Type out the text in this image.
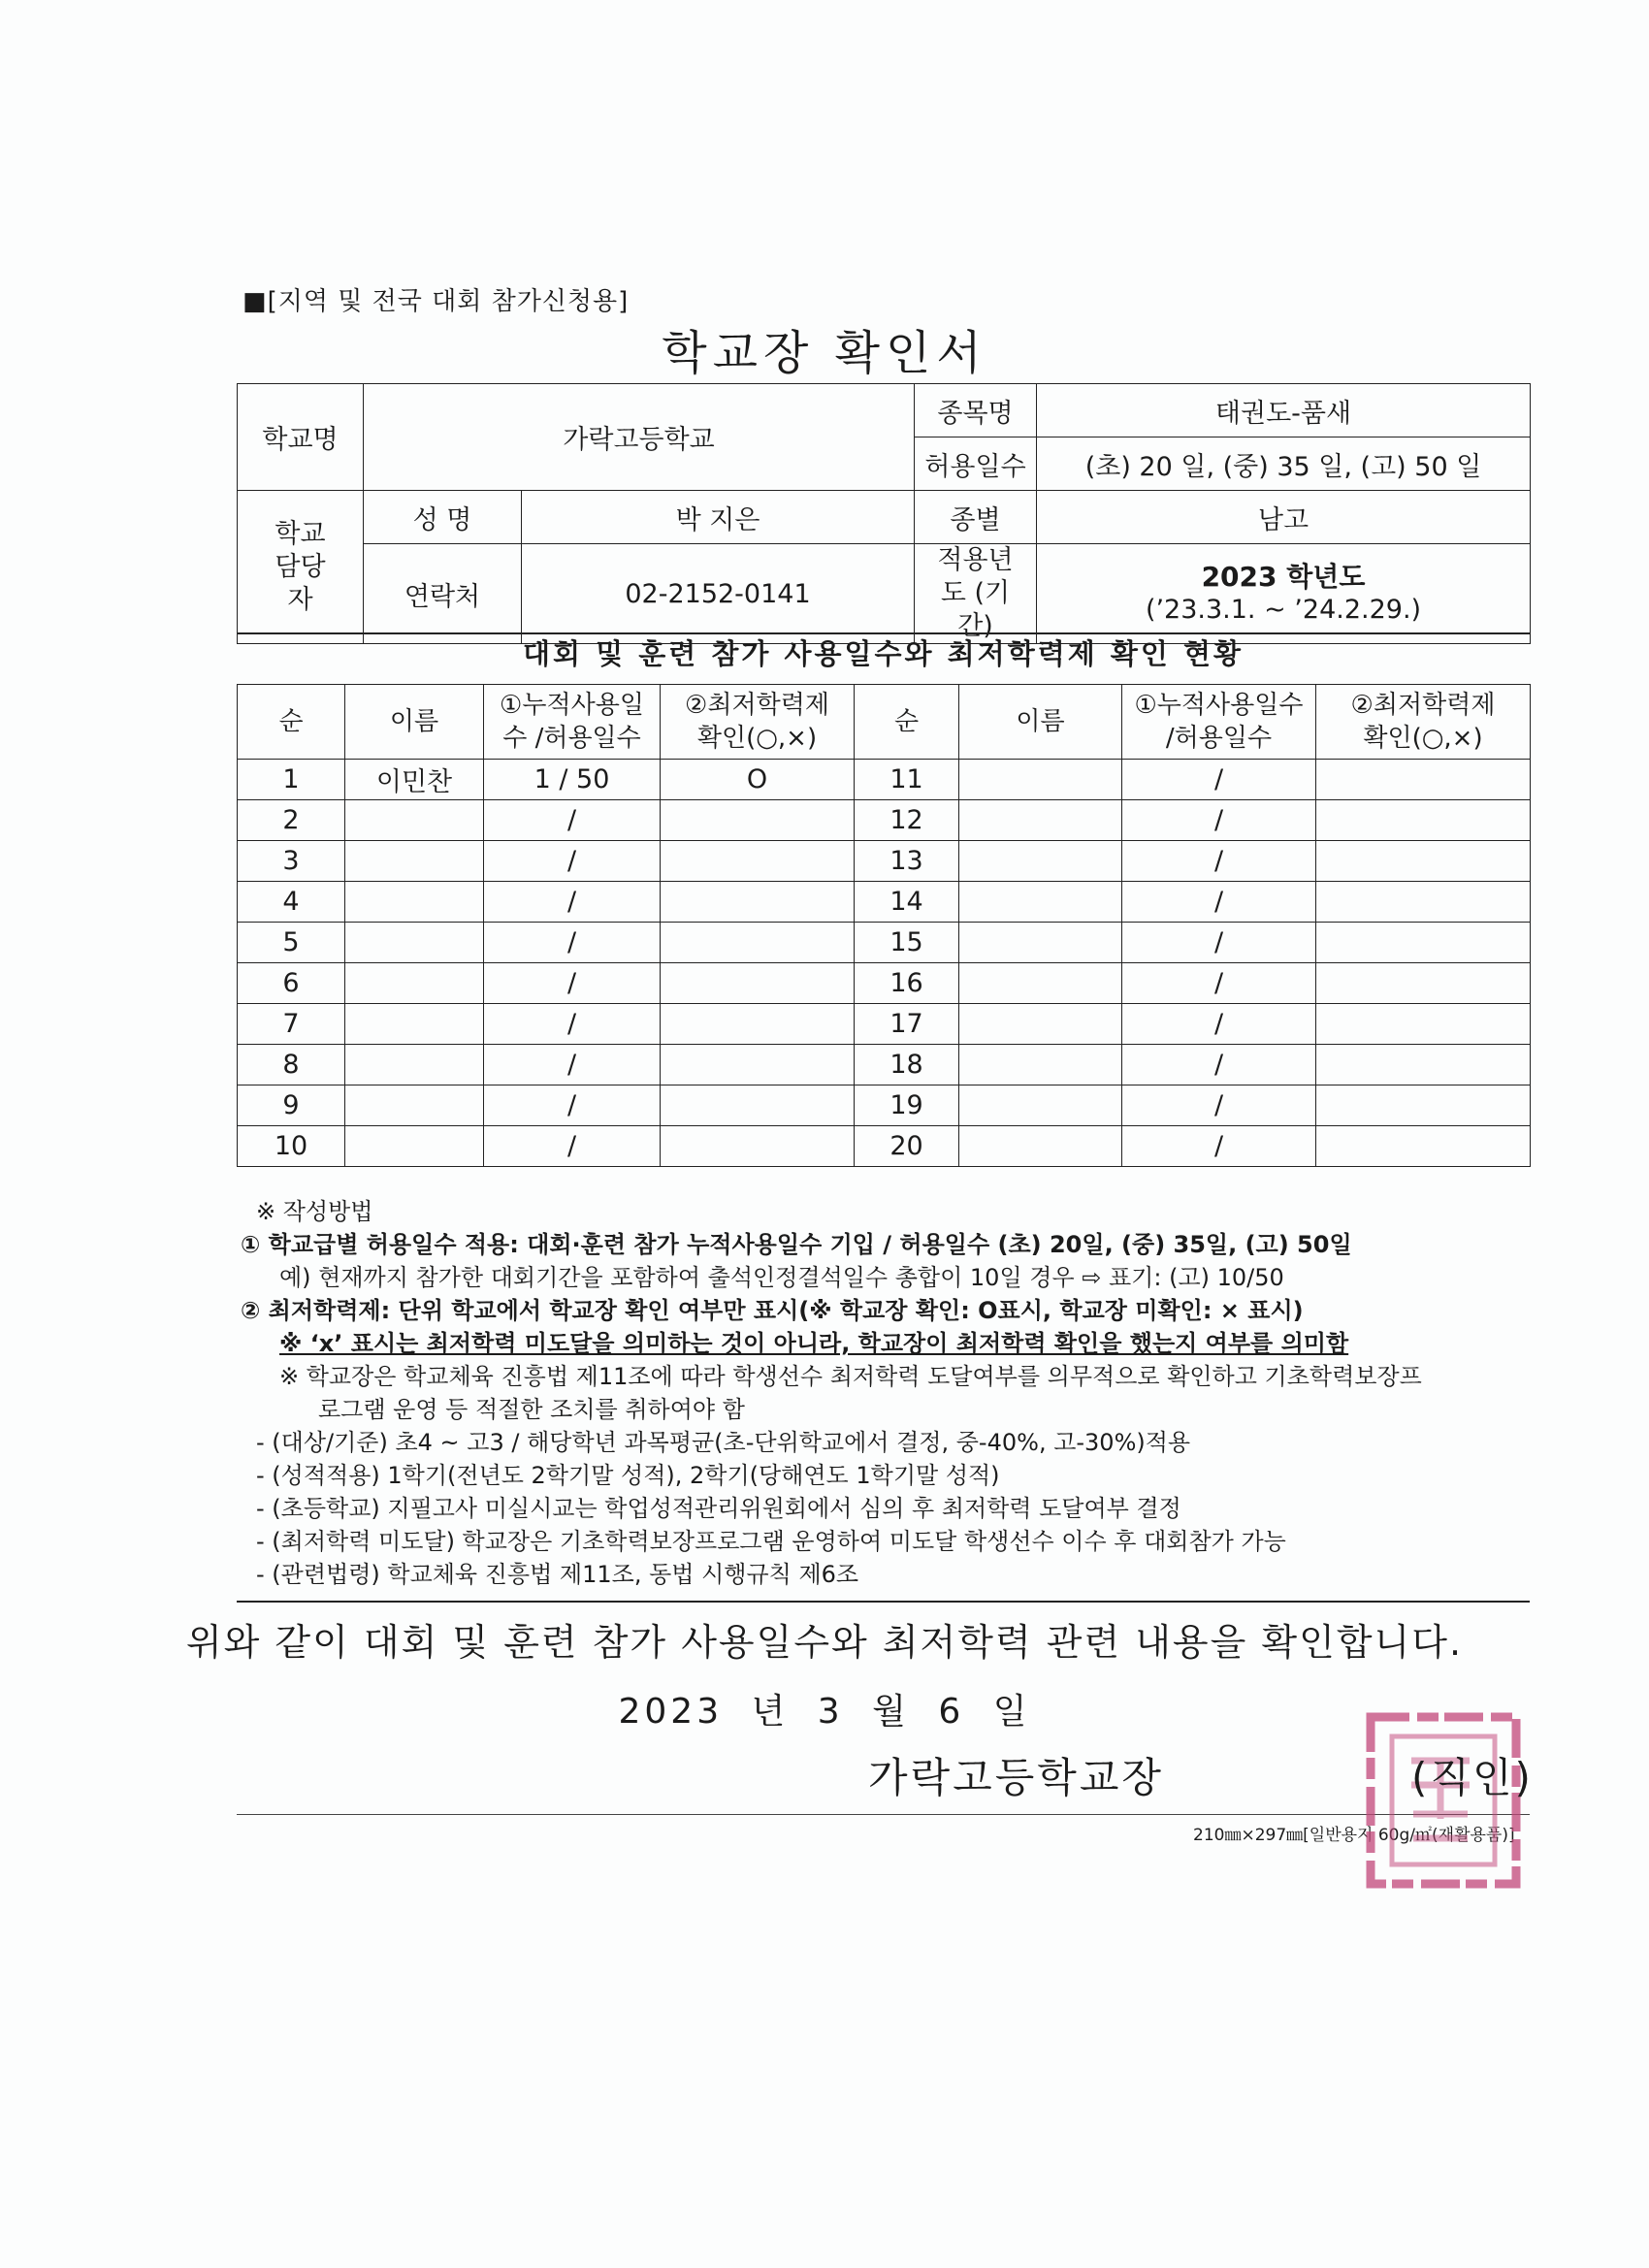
■[지역 및 전국 대회 참가신청용]
학교장 확인서
학교명	가락고등학교		종목명	태권도-품새
			허용일수	(초) 20 일, (중) 35 일, (고) 50 일
학교 담당자	성 명	박 지은	종별	남고
	연락처	02-2152-0141	적용년도 (기간)	2023 학년도
(’23.3.1. ~ ’24.2.29.)
대회 및 훈련 참가 사용일수와 최저학력제 확인 현황
순	이름	①누적사용일수 /허용일수	②최저학력제 확인(○,×)	순	이름	①누적사용일수 /허용일수	②최저학력제 확인(○,×)
1	이민찬	1 / 50	O	11		/	
2		/		12		/	
3		/		13		/	
4		/		14		/	
5		/		15		/	
6		/		16		/	
7		/		17		/	
8		/		18		/	
9		/		19		/	
10		/		20		/	
※ 작성방법
① 학교급별 허용일수 적용: 대회·훈련 참가 누적사용일수 기입 / 허용일수 (초) 20일, (중) 35일, (고) 50일
예) 현재까지 참가한 대회기간을 포함하여 출석인정결석일수 총합이 10일 경우 ⇨ 표기: (고) 10/50
② 최저학력제: 단위 학교에서 학교장 확인 여부만 표시(※ 학교장 확인: O표시, 학교장 미확인: × 표시)
※ ‘x’ 표시는 최저학력 미도달을 의미하는 것이 아니라, 학교장이 최저학력 확인을 했는지 여부를 의미함
※ 학교장은 학교체육 진흥법 제11조에 따라 학생선수 최저학력 도달여부를 의무적으로 확인하고 기초학력보장프
로그램 운영 등 적절한 조치를 취하여야 함
- (대상/기준) 초4 ~ 고3 / 해당학년 과목평균(초-단위학교에서 결정, 중-40%, 고-30%)적용
- (성적적용) 1학기(전년도 2학기말 성적), 2학기(당해연도 1학기말 성적)
- (초등학교) 지필고사 미실시교는 학업성적관리위원회에서 심의 후 최저학력 도달여부 결정
- (최저학력 미도달) 학교장은 기초학력보장프로그램 운영하여 미도달 학생선수 이수 후 대회참가 가능
- (관련법령) 학교체육 진흥법 제11조, 동법 시행규칙 제6조
위와 같이 대회 및 훈련 참가 사용일수와 최저학력 관련 내용을 확인합니다.
2023 년 3 월 6 일
가락고등학교장	(직인)
210㎜×297㎜[일반용지 60g/㎡(재활용품)]
